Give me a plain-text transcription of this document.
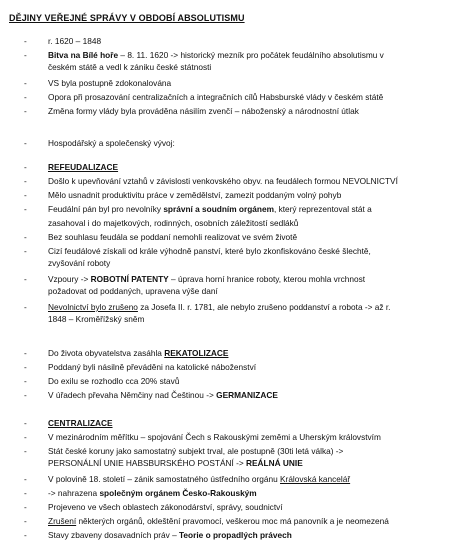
DĚJINY VEŘEJNÉ SPRÁVY V OBDOBÍ ABSOLUTISMU
-	r. 1620 – 1848
-	Bitva na Bílé hoře – 8. 11. 1620 -> historický mezník pro počátek feudálního absolutismu v
českém státě a vedl k zániku české státnosti
-	VS byla postupně zdokonalována
-	Opora při prosazování centralizačních a integračních cílů Habsburské vlády v českém státě
-	Změna formy vlády byla prováděna násilím zvenčí – náboženský a národnostní útlak
-	Hospodářský a společenský vývoj:
-	REFEUDALIZACE
-	Došlo k upevňování vztahů v závislosti venkovského obyv. na feudálech formou NEVOLNICTVÍ
-	Mělo usnadnit produktivitu práce v zemědělství, zamezit poddaným volný pohyb
-	Feudální pán byl pro nevolníky správní a soudním orgánem, který reprezentoval stát a
zasahoval i do majetkových, rodinných, osobních záležitostí sedláků
-	Bez souhlasu feudála se poddaní nemohli realizovat ve svém životě
-	Cizí feudálové získali od krále výhodně panství, které bylo zkonfiskováno české šlechtě,
zvyšování roboty
-	Vzpoury -> ROBOTNÍ PATENTY – úprava horní hranice roboty, kterou mohla vrchnost
požadovat od poddaných, upravena výše daní
-	Nevolnictví bylo zrušeno za Josefa II. r. 1781, ale nebylo zrušeno poddanství a robota -> až r.
1848 – Kroměřížský sněm
-	Do života obyvatelstva zasáhla REKATOLIZACE
-	Poddaný byli násilně převáděni na katolické náboženství
-	Do exilu se rozhodlo cca 20% stavů
-	V úřadech převaha Němčiny nad Češtinou -> GERMANIZACE
-	CENTRALIZACE
-	V mezinárodním měřítku – spojování Čech s Rakouskými zeměmi a Uherským královstvím
-	Stát české koruny jako samostatný subjekt trval, ale postupně (30ti letá válka) ->
PERSONÁLNÍ UNIE HABSBURSKÉHO POSTÁNÍ -> REÁLNÁ UNIE
-	V polovině 18. století – zánik samostatného ústředního orgánu Královská kancelář
-	-> nahrazena společným orgánem Česko-Rakouským
-	Projeveno ve všech oblastech zákonodárství, správy, soudnictví
-	Zrušení některých orgánů, okleštění pravomocí, veškerou moc má panovník a je neomezená
-	Stavy zbaveny dosavadních práv – Teorie o propadlých právech
